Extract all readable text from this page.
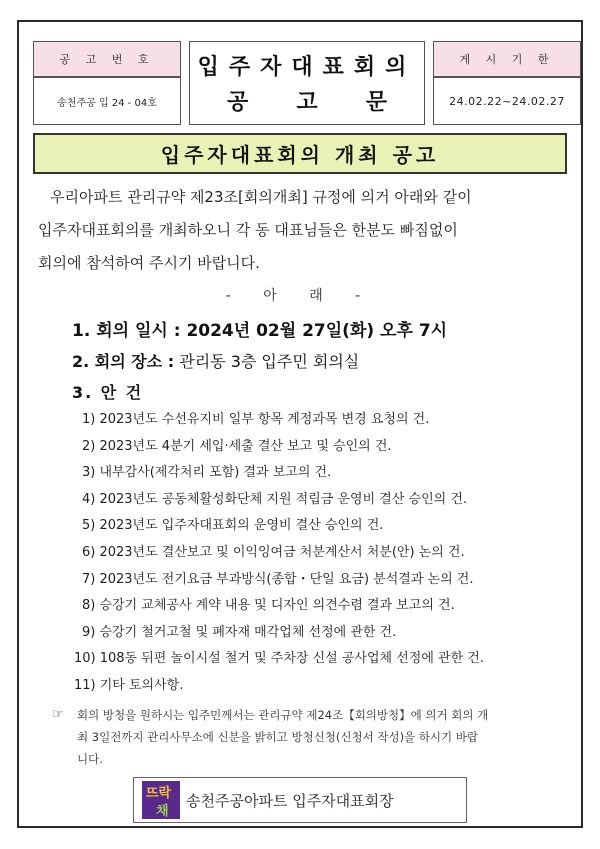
공 고 번 호
송천주공 입 24 - 04호
입주자대표회의
공 고 문
게 시 기 한
24.02.22~24.02.27
입주자대표회의 개최 공고
우리아파트 관리규약 제23조[회의개최] 규정에 의거 아래와 같이
입주자대표회의를 개최하오니 각 동 대표님들은 한분도 빠짐없이
회의에 참석하여 주시기 바랍니다.
- 아 래 -
1. 회의 일시 : 2024년 02월 27일(화) 오후 7시
2. 회의 장소 : 관리동 3층 입주민 회의실
3. 안 건
1) 2023년도 수선유지비 일부 항목 계정과목 변경 요청의 건.
2) 2023년도 4분기 세입·세출 결산 보고 및 승인의 건.
3) 내부감사(제각처리 포함) 결과 보고의 건.
4) 2023년도 공동체활성화단체 지원 적립금 운영비 결산 승인의 건.
5) 2023년도 입주자대표회의 운영비 결산 승인의 건.
6) 2023년도 결산보고 및 이익잉여금 처분계산서 처분(안) 논의 건.
7) 2023년도 전기요금 부과방식(종합・단일 요금) 분석결과 논의 건.
8) 승강기 교체공사 계약 내용 및 디자인 의견수렴 결과 보고의 건.
9) 승강기 철거고철 및 폐자재 매각업체 선정에 관한 건.
10) 108동 뒤편 놀이시설 철거 및 주차장 신설 공사업체 선정에 관한 건.
11) 기타 토의사항.
☞ 회의 방청을 원하시는 입주민께서는 관리규약 제24조【회의방청】에 의거 회의 개
최 3일전까지 관리사무소에 신분을 밝히고 방청신청(신청서 작성)을 하시기 바랍
니다.
뜨락
채
송천주공아파트 입주자대표회장
